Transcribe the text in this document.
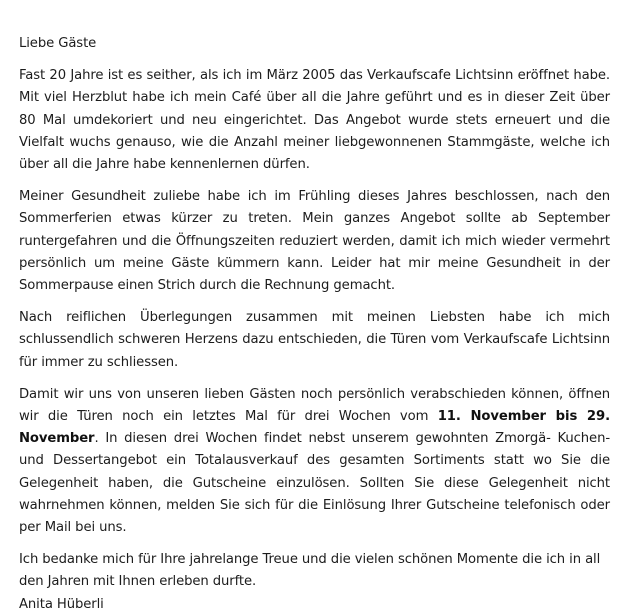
Liebe Gäste

Fast 20 Jahre ist es seither, als ich im März 2005 das Verkaufscafe Lichtsinn eröffnet habe. Mit viel Herzblut habe ich mein Café über all die Jahre geführt und es in dieser Zeit über 80 Mal umdekoriert und neu eingerichtet. Das Angebot wurde stets erneuert und die Vielfalt wuchs genauso, wie die Anzahl meiner liebgewonnenen Stammgäste, welche ich über all die Jahre habe kennenlernen dürfen.

Meiner Gesundheit zuliebe habe ich im Frühling dieses Jahres beschlossen, nach den Sommerferien etwas kürzer zu treten. Mein ganzes Angebot sollte ab September runtergefahren und die Öffnungszeiten reduziert werden, damit ich mich wieder vermehrt persönlich um meine Gäste kümmern kann. Leider hat mir meine Gesundheit in der Sommerpause einen Strich durch die Rechnung gemacht.

Nach reiflichen Überlegungen zusammen mit meinen Liebsten habe ich mich schlussendlich schweren Herzens dazu entschieden, die Türen vom Verkaufscafe Lichtsinn für immer zu schliessen.

Damit wir uns von unseren lieben Gästen noch persönlich verabschieden können, öffnen wir die Türen noch ein letztes Mal für drei Wochen vom 11. November bis 29. November. In diesen drei Wochen findet nebst unserem gewohnten Zmorgä- Kuchen- und Dessertangebot ein Totalausverkauf des gesamten Sortiments statt wo Sie die Gelegenheit haben, die Gutscheine einzulösen. Sollten Sie diese Gelegenheit nicht wahrnehmen können, melden Sie sich für die Einlösung Ihrer Gutscheine telefonisch oder per Mail bei uns.

Ich bedanke mich für Ihre jahrelange Treue und die vielen schönen Momente die ich in all den Jahren mit Ihnen erleben durfte.
Anita Hüberli
